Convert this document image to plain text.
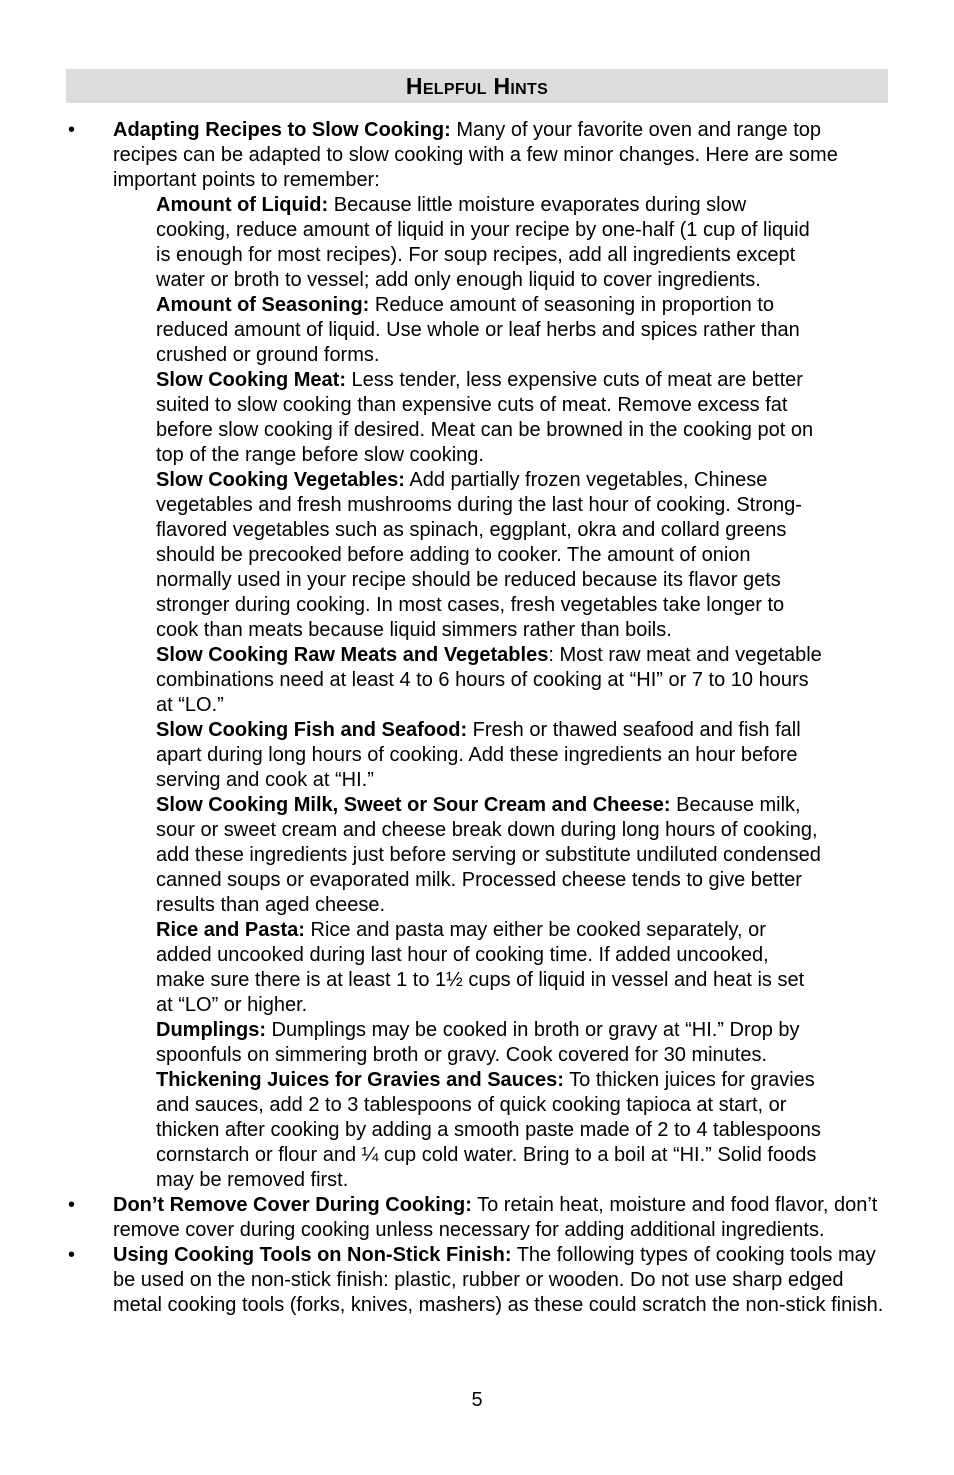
Helpful Hints
•	Adapting Recipes to Slow Cooking: Many of your favorite oven and range top recipes can be adapted to slow cooking with a few minor changes. Here are some important points to remember:

Amount of Liquid: Because little moisture evaporates during slow cooking, reduce amount of liquid in your recipe by one-half (1 cup of liquid is enough for most recipes). For soup recipes, add all ingredients except water or broth to vessel; add only enough liquid to cover ingredients.

Amount of Seasoning: Reduce amount of seasoning in proportion to reduced amount of liquid. Use whole or leaf herbs and spices rather than crushed or ground forms.

Slow Cooking Meat: Less tender, less expensive cuts of meat are better suited to slow cooking than expensive cuts of meat. Remove excess fat before slow cooking if desired. Meat can be browned in the cooking pot on top of the range before slow cooking.

Slow Cooking Vegetables: Add partially frozen vegetables, Chinese vegetables and fresh mushrooms during the last hour of cooking. Strong-flavored vegetables such as spinach, eggplant, okra and collard greens should be precooked before adding to cooker. The amount of onion normally used in your recipe should be reduced because its flavor gets stronger during cooking. In most cases, fresh vegetables take longer to cook than meats because liquid simmers rather than boils.

Slow Cooking Raw Meats and Vegetables: Most raw meat and vegetable combinations need at least 4 to 6 hours of cooking at “HI” or 7 to 10 hours at “LO.”

Slow Cooking Fish and Seafood: Fresh or thawed seafood and fish fall apart during long hours of cooking. Add these ingredients an hour before serving and cook at “HI.”

Slow Cooking Milk, Sweet or Sour Cream and Cheese: Because milk, sour or sweet cream and cheese break down during long hours of cooking, add these ingredients just before serving or substitute undiluted condensed canned soups or evaporated milk. Processed cheese tends to give better results than aged cheese.

Rice and Pasta: Rice and pasta may either be cooked separately, or added uncooked during last hour of cooking time. If added uncooked, make sure there is at least 1 to 1½ cups of liquid in vessel and heat is set at “LO” or higher.

Dumplings: Dumplings may be cooked in broth or gravy at “HI.” Drop by spoonfuls on simmering broth or gravy. Cook covered for 30 minutes.

Thickening Juices for Gravies and Sauces: To thicken juices for gravies and sauces, add 2 to 3 tablespoons of quick cooking tapioca at start, or thicken after cooking by adding a smooth paste made of 2 to 4 tablespoons cornstarch or flour and ¼ cup cold water. Bring to a boil at “HI.” Solid foods may be removed first.

•	Don’t Remove Cover During Cooking: To retain heat, moisture and food flavor, don’t remove cover during cooking unless necessary for adding additional ingredients.
•	Using Cooking Tools on Non-Stick Finish: The following types of cooking tools may be used on the non-stick finish: plastic, rubber or wooden. Do not use sharp edged metal cooking tools (forks, knives, mashers) as these could scratch the non-stick finish.
5
